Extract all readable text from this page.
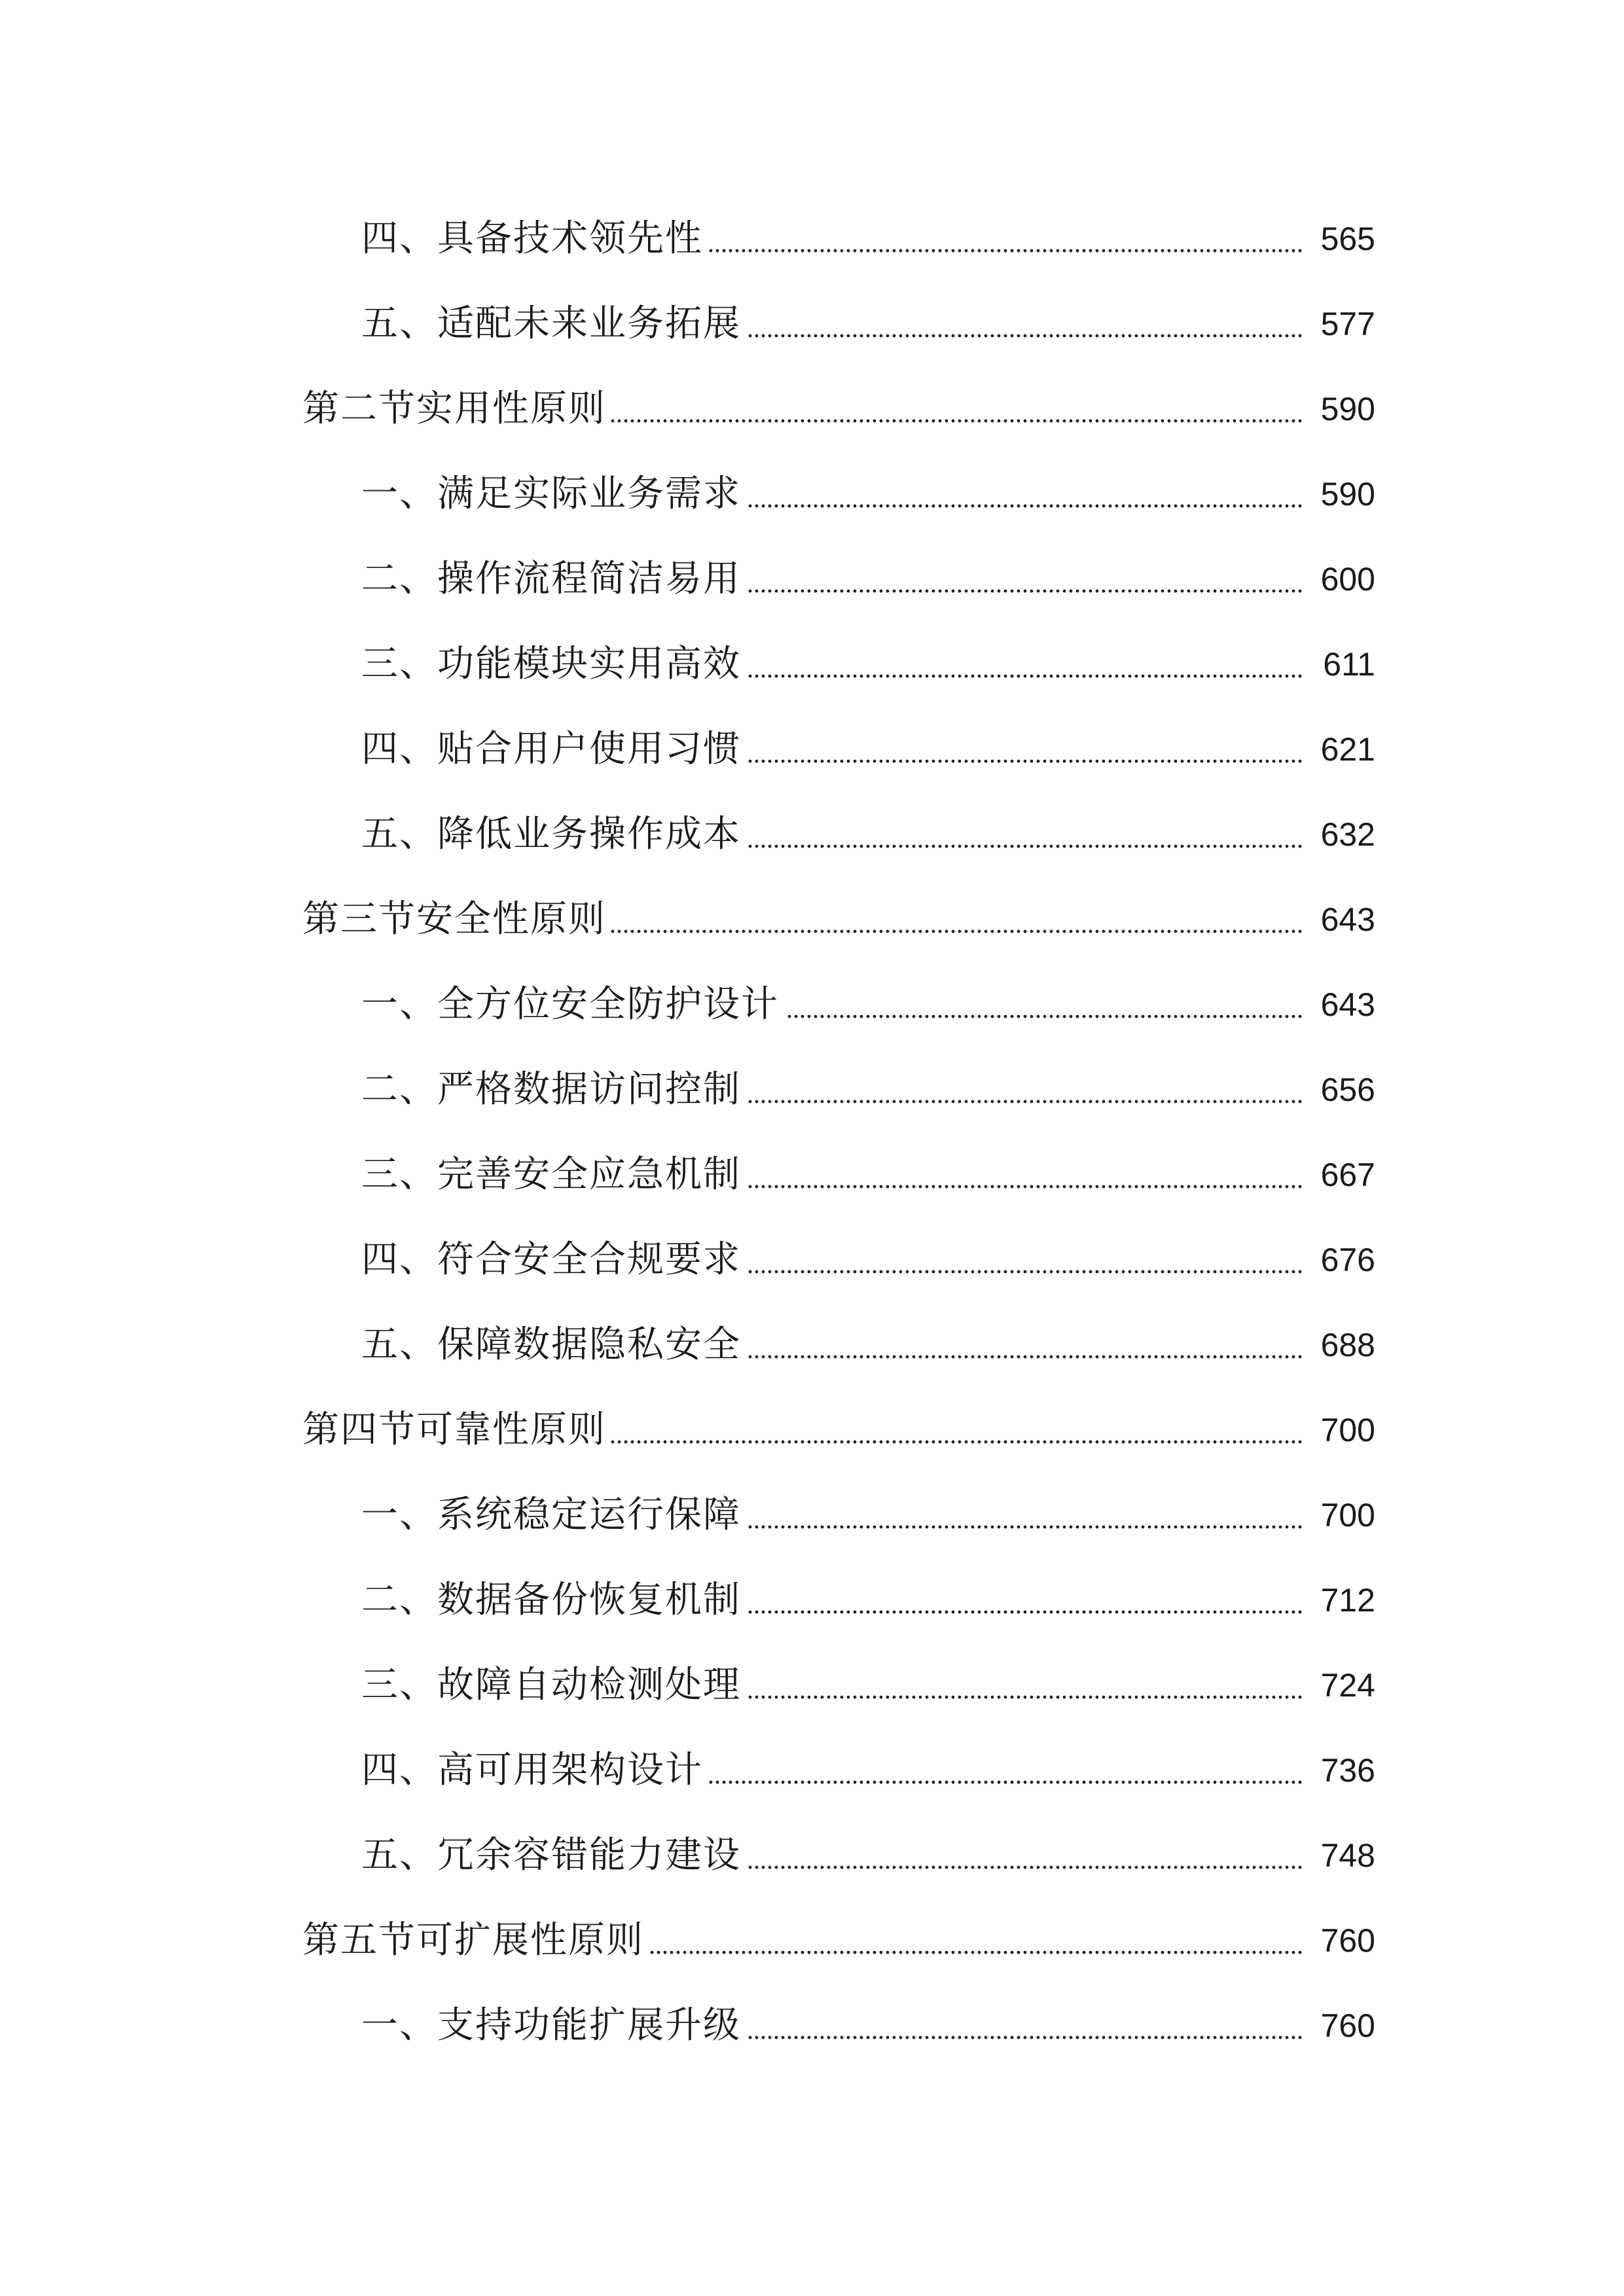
四、具备技术领先性	565
五、适配未来业务拓展	577
第二节实用性原则	590
一、满足实际业务需求	590
二、操作流程简洁易用	600
三、功能模块实用高效	611
四、贴合用户使用习惯	621
五、降低业务操作成本	632
第三节安全性原则	643
一、全方位安全防护设计	643
二、严格数据访问控制	656
三、完善安全应急机制	667
四、符合安全合规要求	676
五、保障数据隐私安全	688
第四节可靠性原则	700
一、系统稳定运行保障	700
二、数据备份恢复机制	712
三、故障自动检测处理	724
四、高可用架构设计	736
五、冗余容错能力建设	748
第五节可扩展性原则	760
一、支持功能扩展升级	760
